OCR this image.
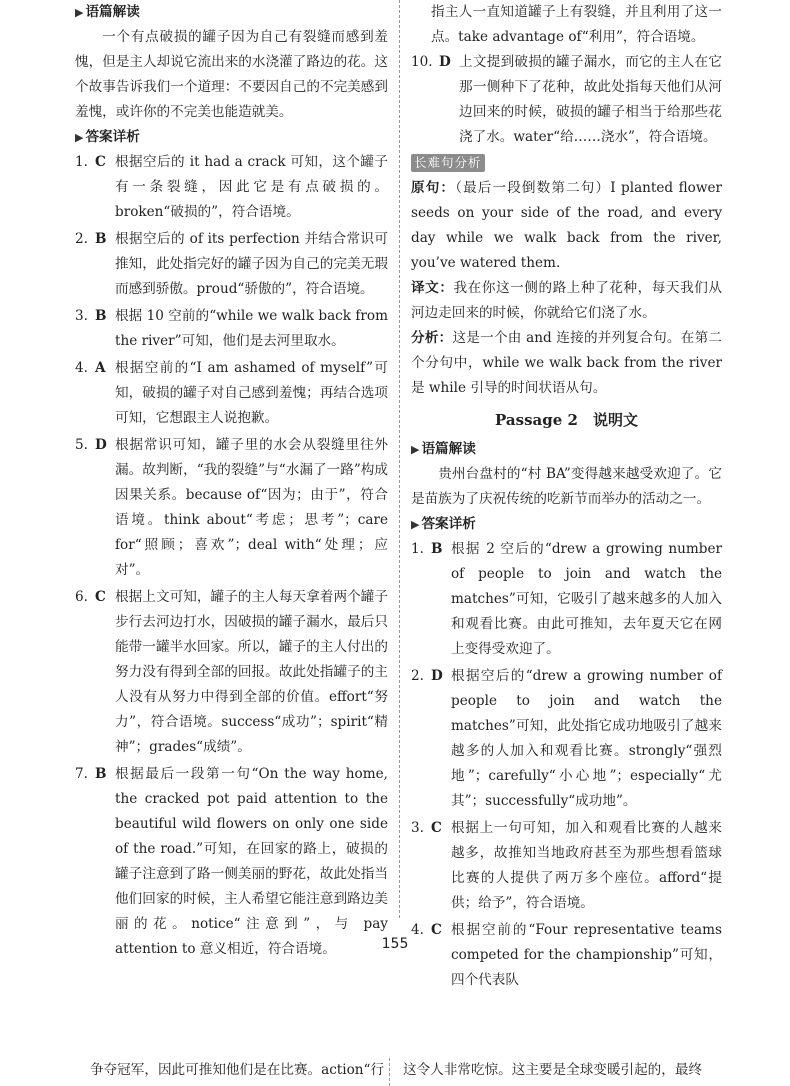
▶ 语篇解读
一个有点破损的罐子因为自己有裂缝而感到羞愧，但是主人却说它流出来的水浇灌了路边的花。这个故事告诉我们一个道理：不要因自己的不完美感到羞愧，或许你的不完美也能造就美。
▶ 答案详析
1. C 根据空后的 it had a crack 可知，这个罐子有一条裂缝，因此它是有点破损的。broken“破损的”，符合语境。
2. B 根据空后的 of its perfection 并结合常识可推知，此处指完好的罐子因为自己的完美无瑕而感到骄傲。proud“骄傲的”，符合语境。
3. B 根据 10 空前的“while we walk back from the river”可知，他们是去河里取水。
4. A 根据空前的“I am ashamed of myself”可知，破损的罐子对自己感到羞愧；再结合选项可知，它想跟主人说抱歉。
5. D 根据常识可知，罐子里的水会从裂缝里往外漏。故判断，“我的裂缝”与“水漏了一路”构成因果关系。because of“因为；由于”，符合语境。think about“考虑；思考”；care for“照顾；喜欢”；deal with“处理；应对”。
6. C 根据上文可知，罐子的主人每天拿着两个罐子步行去河边打水，因破损的罐子漏水，最后只能带一罐半水回家。所以，罐子的主人付出的努力没有得到全部的回报。故此处指罐子的主人没有从努力中得到全部的价值。effort“努力”，符合语境。success“成功”；spirit“精神”；grades“成绩”。
7. B 根据最后一段第一句“On the way home, the cracked pot paid attention to the beautiful wild flowers on only one side of the road.”可知，在回家的路上，破损的罐子注意到了路一侧美丽的野花，故此处指当他们回家的时候，主人希望它能注意到路边美丽的花。notice“注意到”，与 pay attention to 意义相近，符合语境。
指主人一直知道罐子上有裂缝，并且利用了这一点。take advantage of“利用”，符合语境。
10. D 上文提到破损的罐子漏水，而它的主人在它那一侧种下了花种，故此处指每天他们从河边回来的时候，破损的罐子相当于给那些花浇了水。water“给……浇水”，符合语境。
长难句分析
原句：（最后一段倒数第二句）I planted flower seeds on your side of the road, and every day while we walk back from the river, you’ve watered them.
译文：我在你这一侧的路上种了花种，每天我们从河边走回来的时候，你就给它们浇了水。
分析：这是一个由 and 连接的并列复合句。在第二个分句中，while we walk back from the river 是 while 引导的时间状语从句。
Passage 2　说明文
▶ 语篇解读
贵州台盘村的“村 BA”变得越来越受欢迎了。它是苗族为了庆祝传统的吃新节而举办的活动之一。
▶ 答案详析
1. B 根据 2 空后的“drew a growing number of people to join and watch the matches”可知，它吸引了越来越多的人加入和观看比赛。由此可推知，去年夏天它在网上变得受欢迎了。
2. D 根据空后的“drew a growing number of people to join and watch the matches”可知，此处指它成功地吸引了越来越多的人加入和观看比赛。strongly“强烈地”；carefully“小心地”；especially“尤其”；successfully“成功地”。
3. C 根据上一句可知，加入和观看比赛的人越来越多，故推知当地政府甚至为那些想看篮球比赛的人提供了两万多个座位。afford“提供；给予”，符合语境。
4. C 根据空前的“Four representative teams competed for the championship”可知，四个代表队
155
争夺冠军，因此可推知他们是在比赛。action“行 这令人非常吃惊。这主要是全球变暖引起的，最终
